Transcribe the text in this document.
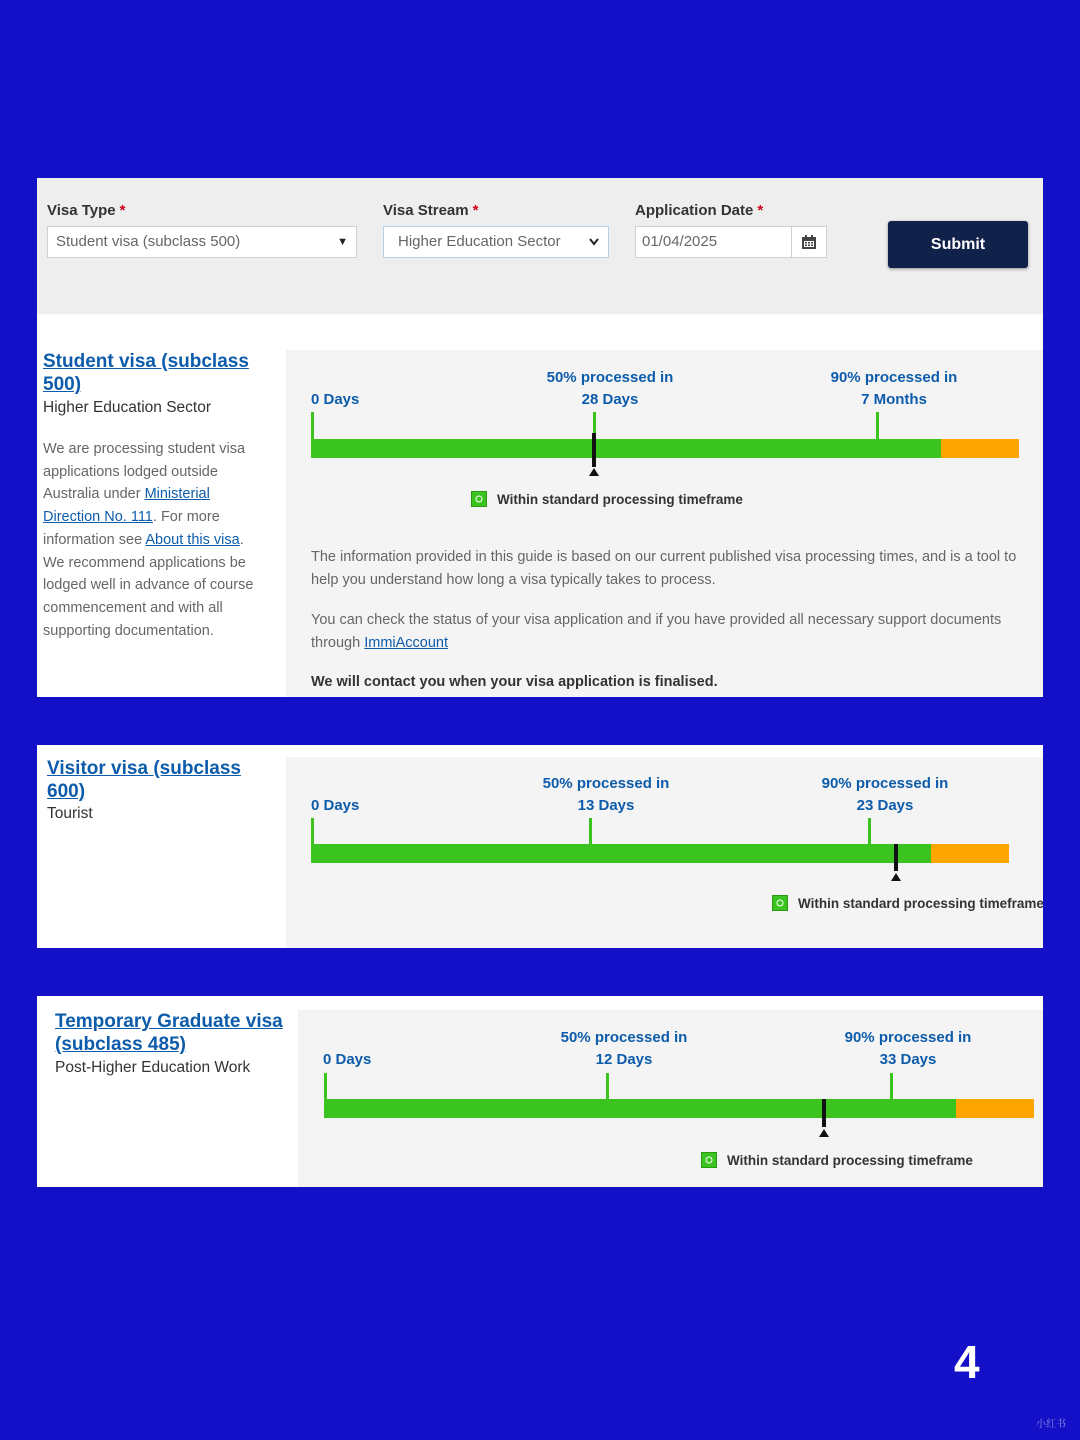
Visa Type *
Student visa (subclass 500)	▼
Visa Stream *
Higher Education Sector
Application Date *
01/04/2025	Submit
Student visa (subclass 500)
Higher Education Sector
We are processing student visa applications lodged outside Australia under Ministerial Direction No. 111. For more information see About this visa. We recommend applications be lodged well in advance of course commencement and with all supporting documentation.
0 Days
50% processed in
28 Days
90% processed in
7 Months
Within standard processing timeframe
The information provided in this guide is based on our current published visa processing times, and is a tool to help you understand how long a visa typically takes to process.
You can check the status of your visa application and if you have provided all necessary support documents through ImmiAccount
We will contact you when your visa application is finalised.
Visitor visa (subclass 600)
Tourist	0 Days
50% processed in
13 Days
90% processed in
23 Days
Within standard processing timeframe
Temporary Graduate visa (subclass 485)
Post-Higher Education Work	0 Days
50% processed in
12 Days
90% processed in
33 Days
Within standard processing timeframe
4
小红书
